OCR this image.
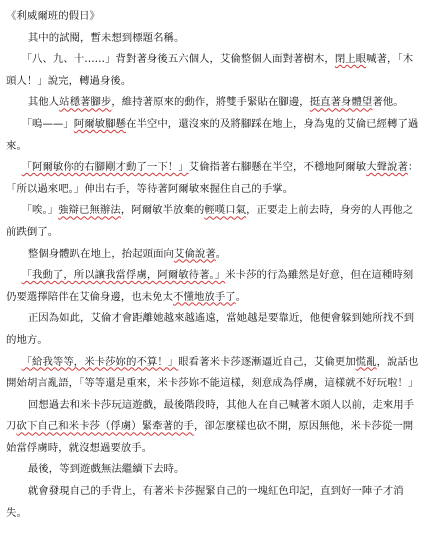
《利威爾班的假日》

其中的試閱，暫未想到標題名稱。

「八、九、十……」背對著身後五六個人，艾倫整個人面對著樹木，閉上眼喊著，「木頭人！」說完，轉過身後。

其他人站穩著腳步，維持著原來的動作，將雙手緊貼在腳邊，挺直著身體望著他。

「嗚——」阿爾敏腳懸在半空中，還沒來的及將腳踩在地上，身為鬼的艾倫已經轉了過來。

「阿爾敏你的右腳剛才動了一下！」艾倫指著右腳懸在半空，不穩地阿爾敏大聲說著：「所以過來吧。」伸出右手，等待著阿爾敏來握住自己的手掌。

「唉。」強辯已無辦法，阿爾敏半放棄的輕嘆口氣，正要走上前去時，身旁的人再他之前跌倒了。

整個身體趴在地上，抬起頭面向艾倫說著。

「我動了，所以讓我當俘虜，阿爾敏待著。」米卡莎的行為雖然是好意，但在這種時刻仍要選擇陪伴在艾倫身邊，也未免太不懂地放手了。

正因為如此，艾倫才會距離她越來越遙遠，當她越是要靠近，他便會躲到她所找不到的地方。

「給我等等，米卡莎妳的不算！」眼看著米卡莎逐漸逼近自己，艾倫更加慌亂，說話也開始胡言亂語，「等等還是重來，米卡莎妳不能這樣，刻意成為俘虜，這樣就不好玩啦！」

回想過去和米卡莎玩這遊戲，最後階段時，其他人在自己喊著木頭人以前，走來用手刀砍下自己和米卡莎（俘虜）緊牽著的手，卻怎麼樣也砍不開，原因無他，米卡莎從一開始當俘虜時，就沒想過要放手。

最後，等到遊戲無法繼續下去時。

就會發現自己的手背上，有著米卡莎握緊自己的一塊紅色印記，直到好一陣子才消失。
